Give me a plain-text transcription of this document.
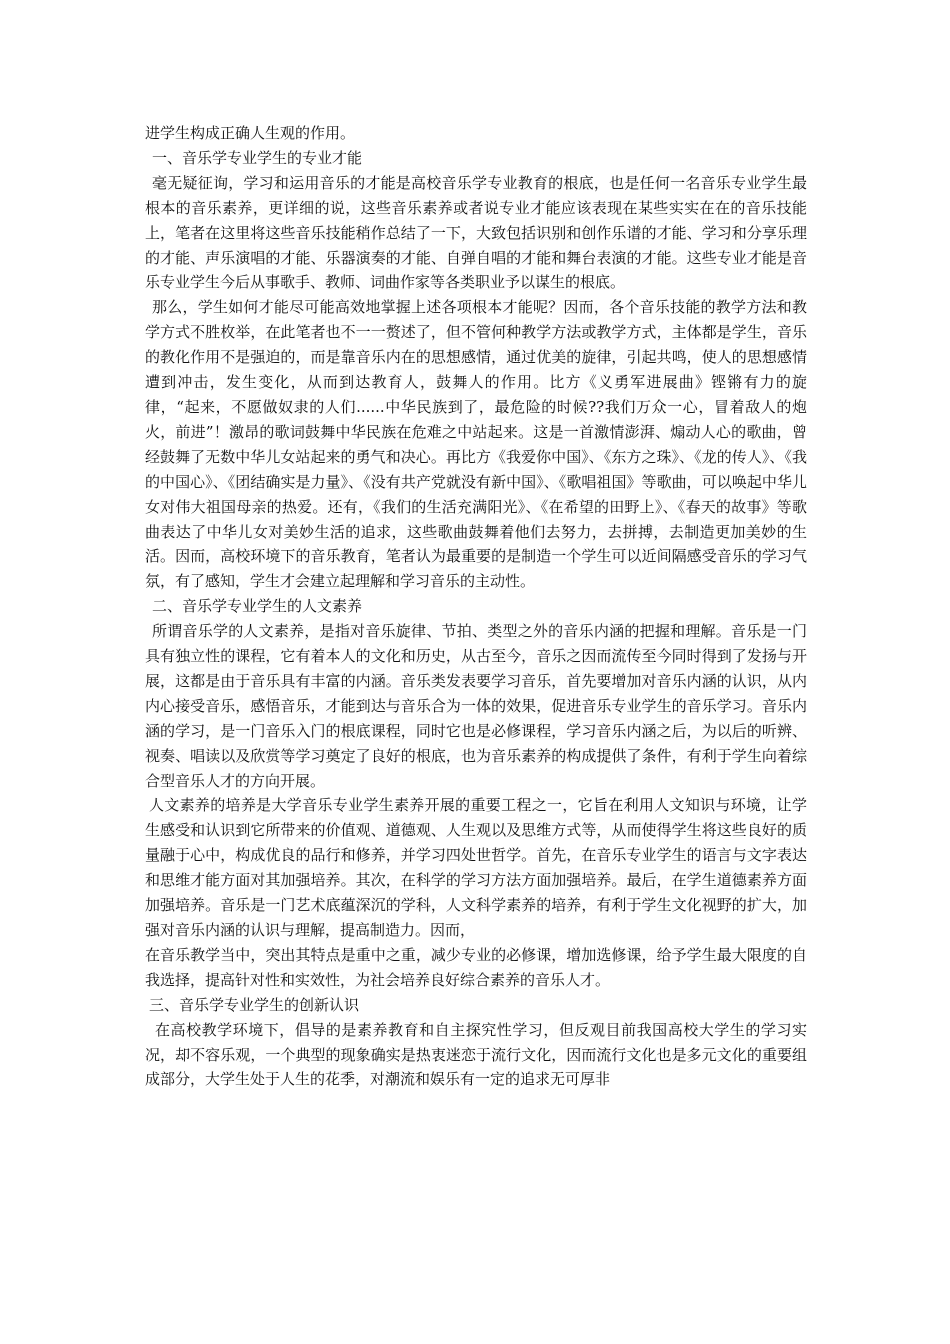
进学生构成正确人生观的作用。

一、音乐学专业学生的专业才能

毫无疑征询，学习和运用音乐的才能是高校音乐学专业教育的根底，也是任何一名音乐专业学生最根本的音乐素养，更详细的说，这些音乐素养或者说专业才能应该表现在某些实实在在的音乐技能上，笔者在这里将这些音乐技能稍作总结了一下，大致包括识别和创作乐谱的才能、学习和分享乐理的才能、声乐演唱的才能、乐器演奏的才能、自弹自唱的才能和舞台表演的才能。这些专业才能是音乐专业学生今后从事歌手、教师、词曲作家等各类职业予以谋生的根底。

那么，学生如何才能尽可能高效地掌握上述各项根本才能呢？因而，各个音乐技能的教学方法和教学方式不胜枚举，在此笔者也不一一赘述了，但不管何种教学方法或教学方式，主体都是学生，音乐的教化作用不是强迫的，而是靠音乐内在的思想感情，通过优美的旋律，引起共鸣，使人的思想感情遭到冲击，发生变化，从而到达教育人，鼓舞人的作用。比方《义勇军进展曲》铿锵有力的旋律，“起来，不愿做奴隶的人们......中华民族到了，最危险的时候??我们万众一心，冒着敌人的炮火，前进”！激昂的歌词鼓舞中华民族在危难之中站起来。这是一首激情澎湃、煽动人心的歌曲，曾经鼓舞了无数中华儿女站起来的勇气和决心。再比方《我爱你中国》、《东方之珠》、《龙的传人》、《我的中国心》、《团结确实是力量》、《没有共产党就没有新中国》、《歌唱祖国》等歌曲，可以唤起中华儿女对伟大祖国母亲的热爱。还有，《我们的生活充满阳光》、《在希望的田野上》、《春天的故事》等歌曲表达了中华儿女对美妙生活的追求，这些歌曲鼓舞着他们去努力，去拼搏，去制造更加美妙的生活。因而，高校环境下的音乐教育，笔者认为最重要的是制造一个学生可以近间隔感受音乐的学习气氛，有了感知，学生才会建立起理解和学习音乐的主动性。

二、音乐学专业学生的人文素养

所谓音乐学的人文素养，是指对音乐旋律、节拍、类型之外的音乐内涵的把握和理解。音乐是一门具有独立性的课程，它有着本人的文化和历史，从古至今，音乐之因而流传至今同时得到了发扬与开展，这都是由于音乐具有丰富的内涵。音乐类发表要学习音乐，首先要增加对音乐内涵的认识，从内内心接受音乐，感悟音乐，才能到达与音乐合为一体的效果，促进音乐专业学生的音乐学习。音乐内涵的学习，是一门音乐入门的根底课程，同时它也是必修课程，学习音乐内涵之后，为以后的听辨、视奏、唱读以及欣赏等学习奠定了良好的根底，也为音乐素养的构成提供了条件，有利于学生向着综合型音乐人才的方向开展。

人文素养的培养是大学音乐专业学生素养开展的重要工程之一，它旨在利用人文知识与环境，让学生感受和认识到它所带来的价值观、道德观、人生观以及思维方式等，从而使得学生将这些良好的质量融于心中，构成优良的品行和修养，并学习四处世哲学。首先，在音乐专业学生的语言与文字表达和思维才能方面对其加强培养。其次，在科学的学习方法方面加强培养。最后，在学生道德素养方面加强培养。音乐是一门艺术底蕴深沉的学科，人文科学素养的培养，有利于学生文化视野的扩大，加强对音乐内涵的认识与理解，提高制造力。因而，

在音乐教学当中，突出其特点是重中之重，减少专业的必修课，增加选修课，给予学生最大限度的自我选择，提高针对性和实效性，为社会培养良好综合素养的音乐人才。

三、音乐学专业学生的创新认识

在高校教学环境下，倡导的是素养教育和自主探究性学习，但反观目前我国高校大学生的学习实况，却不容乐观，一个典型的现象确实是热衷迷恋于流行文化，因而流行文化也是多元文化的重要组成部分，大学生处于人生的花季，对潮流和娱乐有一定的追求无可厚非
